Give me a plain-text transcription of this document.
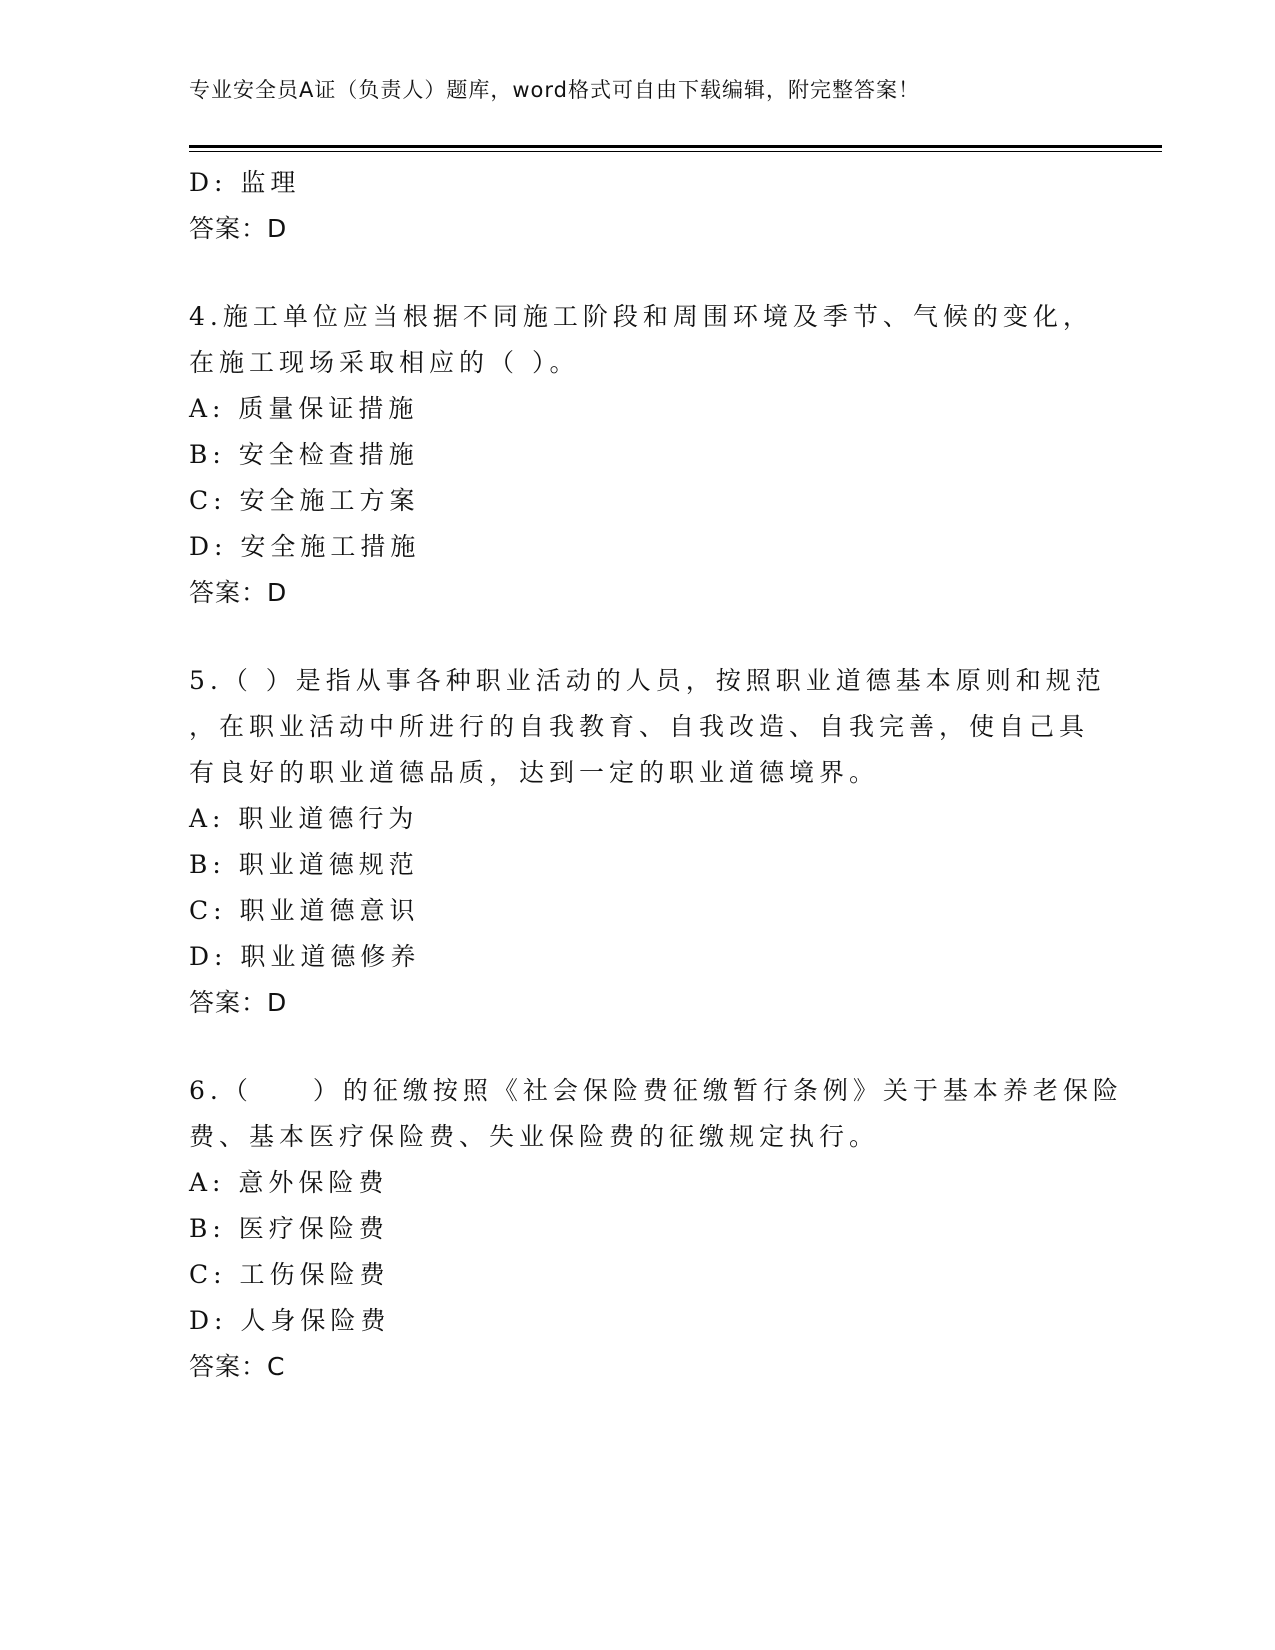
专业安全员A证（负责人）题库，word格式可自由下载编辑，附完整答案！
D: 监理
答案：D
4.施工单位应当根据不同施工阶段和周围环境及季节、气候的变化，
在施工现场采取相应的（ ）。
A: 质量保证措施
B: 安全检查措施
C: 安全施工方案
D: 安全施工措施
答案：D
5.（ ）是指从事各种职业活动的人员，按照职业道德基本原则和规范
，在职业活动中所进行的自我教育、自我改造、自我完善，使自己具
有良好的职业道德品质，达到一定的职业道德境界。
A: 职业道德行为
B: 职业道德规范
C: 职业道德意识
D: 职业道德修养
答案：D
6.（　　）的征缴按照《社会保险费征缴暂行条例》关于基本养老保险
费、基本医疗保险费、失业保险费的征缴规定执行。
A: 意外保险费
B: 医疗保险费
C: 工伤保险费
D: 人身保险费
答案：C
